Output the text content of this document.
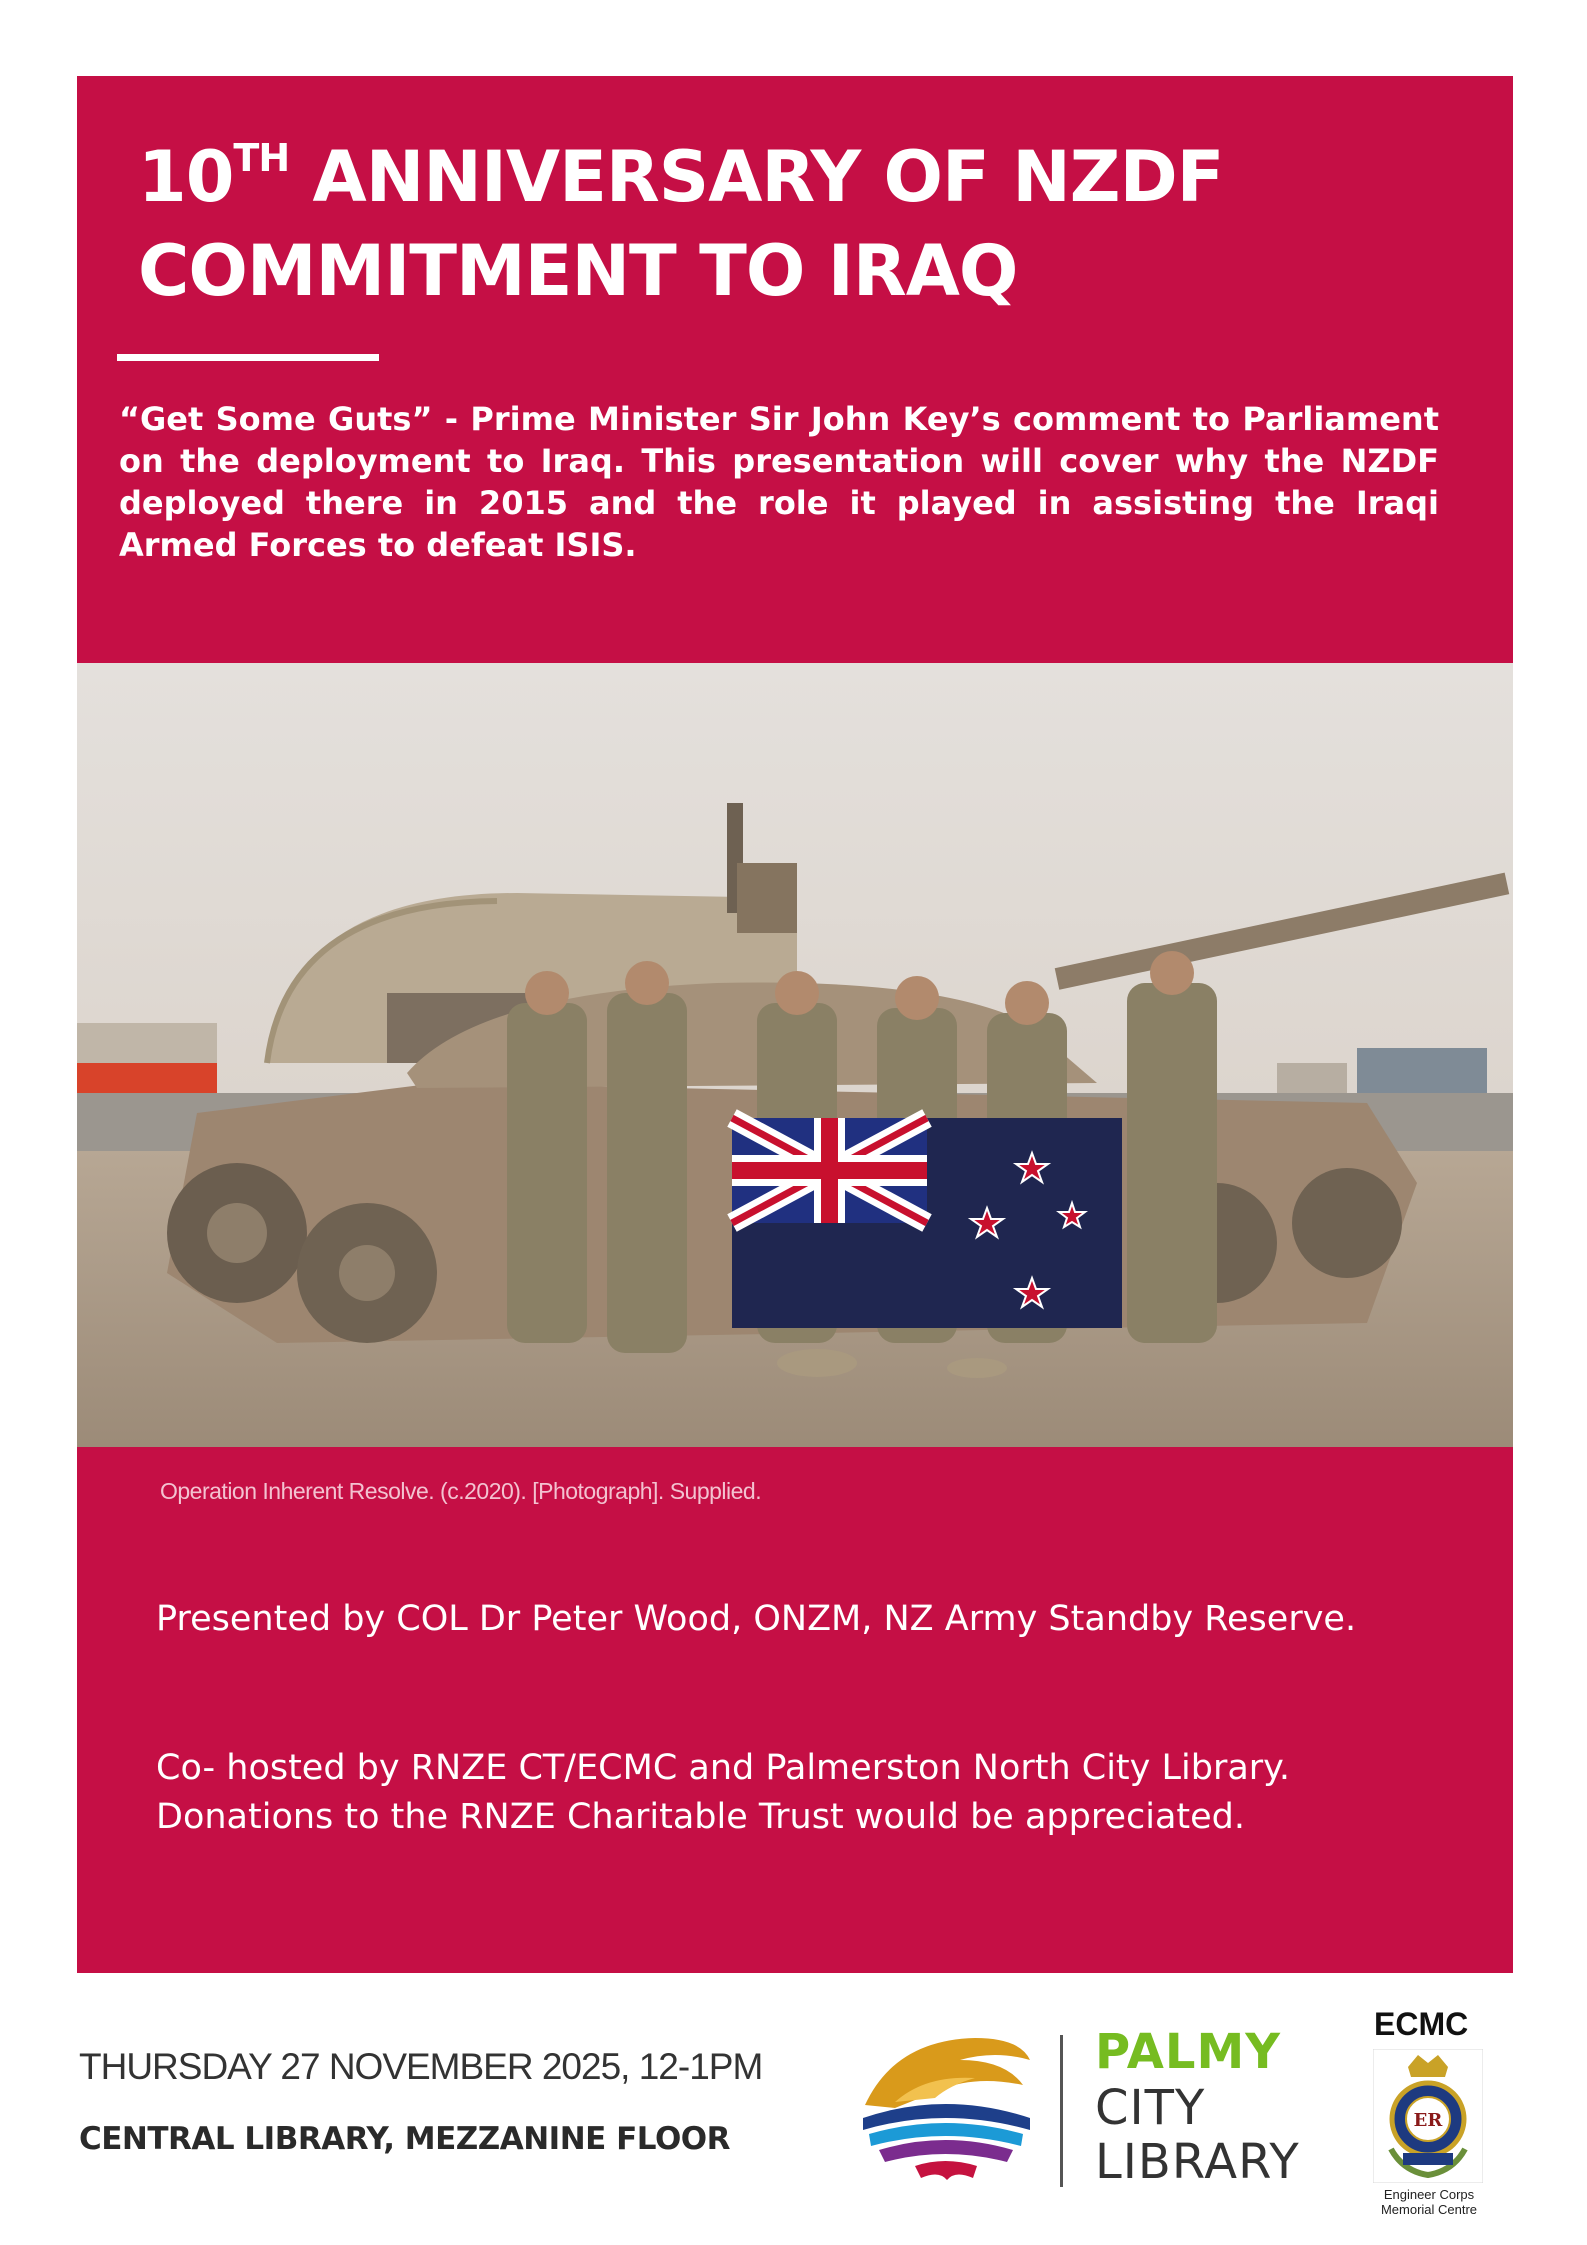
10TH ANNIVERSARY OF NZDF
COMMITMENT TO IRAQ

“Get Some Guts” - Prime Minister Sir John Key’s comment to Parliament on the deployment to Iraq. This presentation will cover why the NZDF deployed there in 2015 and the role it played in assisting the Iraqi Armed Forces to defeat ISIS.

Operation Inherent Resolve. (c.2020). [Photograph]. Supplied.

Presented by COL Dr Peter Wood, ONZM, NZ Army Standby Reserve.

Co- hosted by RNZE CT/ECMC and Palmerston North City Library.
Donations to the RNZE Charitable Trust would be appreciated.

THURSDAY 27 NOVEMBER 2025, 12-1PM
CENTRAL LIBRARY, MEZZANINE FLOOR
PALMY
CITY
LIBRARY
ECMC
ER
Engineer Corps
Memorial Centre
